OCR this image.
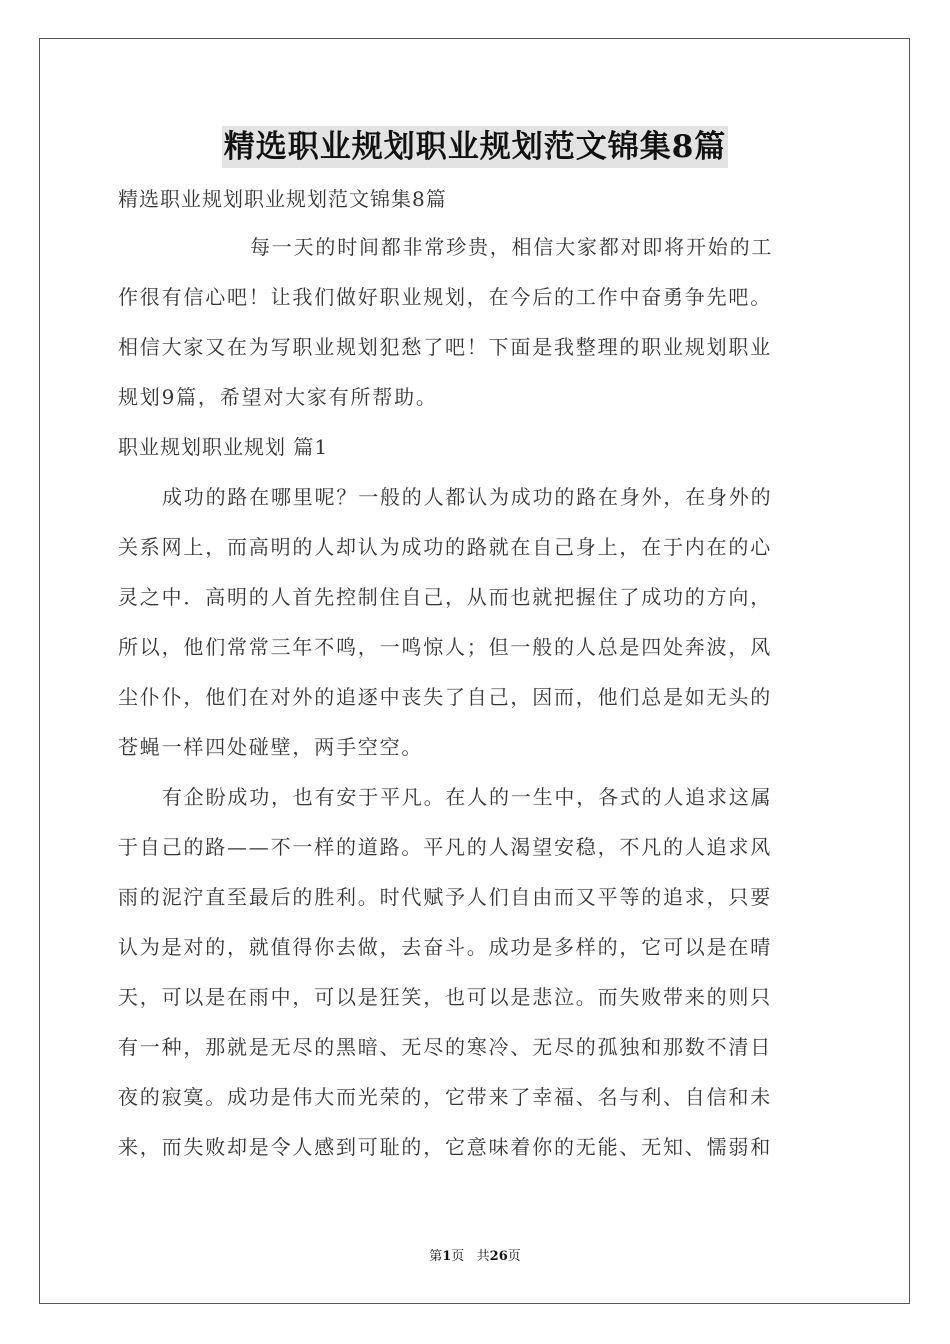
精选职业规划职业规划范文锦集8篇
精选职业规划职业规划范文锦集8篇
每一天的时间都非常珍贵，相信大家都对即将开始的工
作很有信心吧！让我们做好职业规划，在今后的工作中奋勇争先吧。
相信大家又在为写职业规划犯愁了吧！下面是我整理的职业规划职业
规划9篇，希望对大家有所帮助。
职业规划职业规划 篇1
成功的路在哪里呢？一般的人都认为成功的路在身外，在身外的
关系网上，而高明的人却认为成功的路就在自己身上，在于内在的心
灵之中．高明的人首先控制住自己，从而也就把握住了成功的方向，
所以，他们常常三年不鸣，一鸣惊人；但一般的人总是四处奔波，风
尘仆仆，他们在对外的追逐中丧失了自己，因而，他们总是如无头的
苍蝇一样四处碰壁，两手空空。
有企盼成功，也有安于平凡。在人的一生中，各式的人追求这属
于自己的路——不一样的道路。平凡的人渴望安稳，不凡的人追求风
雨的泥泞直至最后的胜利。时代赋予人们自由而又平等的追求，只要
认为是对的，就值得你去做，去奋斗。成功是多样的，它可以是在晴
天，可以是在雨中，可以是狂笑，也可以是悲泣。而失败带来的则只
有一种，那就是无尽的黑暗、无尽的寒冷、无尽的孤独和那数不清日
夜的寂寞。成功是伟大而光荣的，它带来了幸福、名与利、自信和未
来，而失败却是令人感到可耻的，它意味着你的无能、无知、懦弱和
第1页   共26页
